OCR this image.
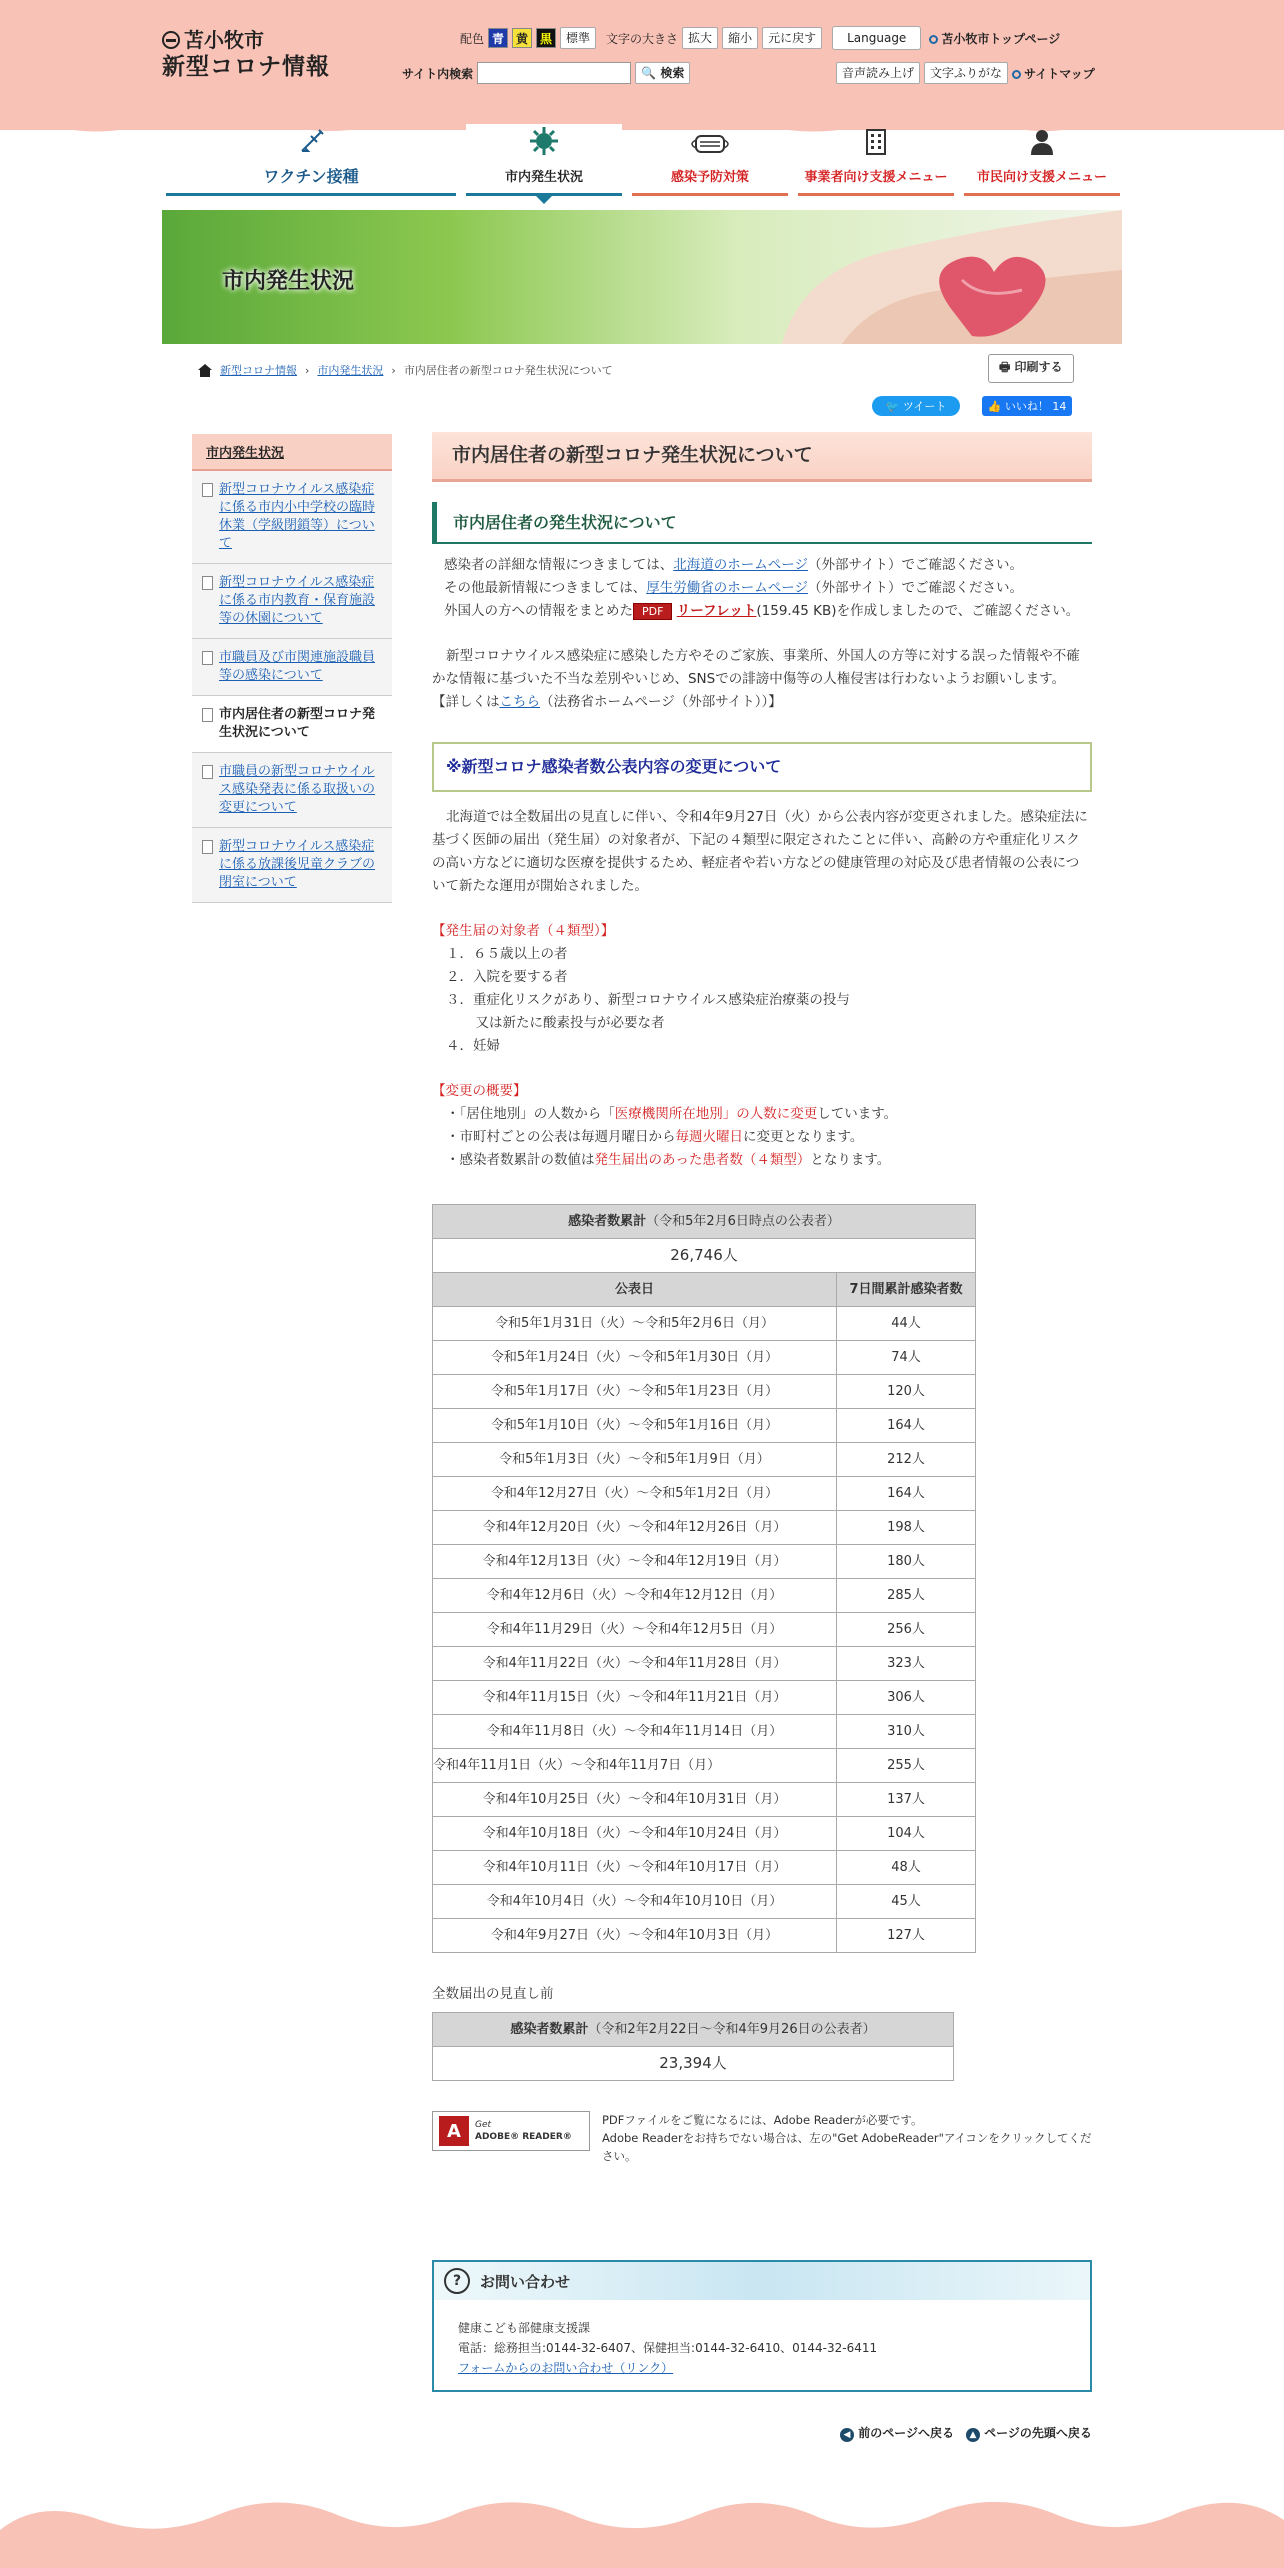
苫小牧市
新型コロナ情報
配色 青 黄 黒	標準	文字の大きさ 拡大	縮小	元に戻す	Language	苫小牧市トップページ
サイト内検索	🔍 検索	音声読み上げ	文字ふりがな	サイトマップ
ワクチン接種	市内発生状況	感染予防対策	事業者向け支援メニュー	市民向け支援メニュー
市内発生状況
新型コロナ情報 › 市内発生状況 › 市内居住者の新型コロナ発生状況について	🖶 印刷する
🐦 ツイート	👍 いいね！ 14
市内発生状況
新型コロナウイルス感染症に係る市内小中学校の臨時休業（学級閉鎖等）について
新型コロナウイルス感染症に係る市内教育・保育施設等の休園について
市職員及び市関連施設職員等の感染について
市内居住者の新型コロナ発生状況について
市職員の新型コロナウイルス感染発表に係る取扱いの変更について
新型コロナウイルス感染症に係る放課後児童クラブの閉室について
市内居住者の新型コロナ発生状況について
市内居住者の発生状況について
感染者の詳細な情報につきましては、北海道のホームページ（外部サイト）でご確認ください。
その他最新情報につきましては、厚生労働省のホームページ（外部サイト）でご確認ください。
外国人の方への情報をまとめた PDF リーフレット(159.45 KB)を作成しましたので、ご確認ください。
新型コロナウイルス感染症に感染した方やそのご家族、事業所、外国人の方等に対する誤った情報や不確かな情報に基づいた不当な差別やいじめ、SNSでの誹謗中傷等の人権侵害は行わないようお願いします。
【詳しくはこちら（法務省ホームページ（外部サイト））】
※新型コロナ感染者数公表内容の変更について
北海道では全数届出の見直しに伴い、令和4年9月27日（火）から公表内容が変更されました。感染症法に基づく医師の届出（発生届）の対象者が、下記の４類型に限定されたことに伴い、高齢の方や重症化リスクの高い方などに適切な医療を提供するため、軽症者や若い方などの健康管理の対応及び患者情報の公表について新たな運用が開始されました。
【発生届の対象者（４類型）】
１．６５歳以上の者
２．入院を要する者
３．重症化リスクがあり、新型コロナウイルス感染症治療薬の投与
　又は新たに酸素投与が必要な者
４．妊婦
【変更の概要】
・「居住地別」の人数から「医療機関所在地別」の人数に変更しています。
・市町村ごとの公表は毎週月曜日から毎週火曜日に変更となります。
・感染者数累計の数値は発生届出のあった患者数（４類型）となります。
感染者数累計（令和5年2月6日時点の公表者）	
26,746人	
公表日	7日間累計感染者数
令和5年1月31日（火）～令和5年2月6日（月）	44人
令和5年1月24日（火）～令和5年1月30日（月）	74人
令和5年1月17日（火）～令和5年1月23日（月）	120人
令和5年1月10日（火）～令和5年1月16日（月）	164人
令和5年1月3日（火）～令和5年1月9日（月）	212人
令和4年12月27日（火）～令和5年1月2日（月）	164人
令和4年12月20日（火）～令和4年12月26日（月）	198人
令和4年12月13日（火）～令和4年12月19日（月）	180人
令和4年12月6日（火）～令和4年12月12日（月）	285人
令和4年11月29日（火）～令和4年12月5日（月）	256人
令和4年11月22日（火）～令和4年11月28日（月）	323人
令和4年11月15日（火）～令和4年11月21日（月）	306人
令和4年11月8日（火）～令和4年11月14日（月）	310人
令和4年11月1日（火）～令和4年11月7日（月）	255人
令和4年10月25日（火）～令和4年10月31日（月）	137人
令和4年10月18日（火）～令和4年10月24日（月）	104人
令和4年10月11日（火）～令和4年10月17日（月）	48人
令和4年10月4日（火）～令和4年10月10日（月）	45人
令和4年9月27日（火）～令和4年10月3日（月）	127人
全数届出の見直し前
感染者数累計（令和2年2月22日～令和4年9月26日の公表者）
23,394人
A	Get
ADOBE® READER®
PDFファイルをご覧になるには、Adobe Readerが必要です。
Adobe Readerをお持ちでない場合は、左の"Get AdobeReader"アイコンをクリックしてください。
?	お問い合わせ
健康こども部健康支援課
電話：総務担当:0144-32-6407、保健担当:0144-32-6410、0144-32-6411
フォームからのお問い合わせ（リンク）
◀ 前のページへ戻る	▲ ページの先頭へ戻る
